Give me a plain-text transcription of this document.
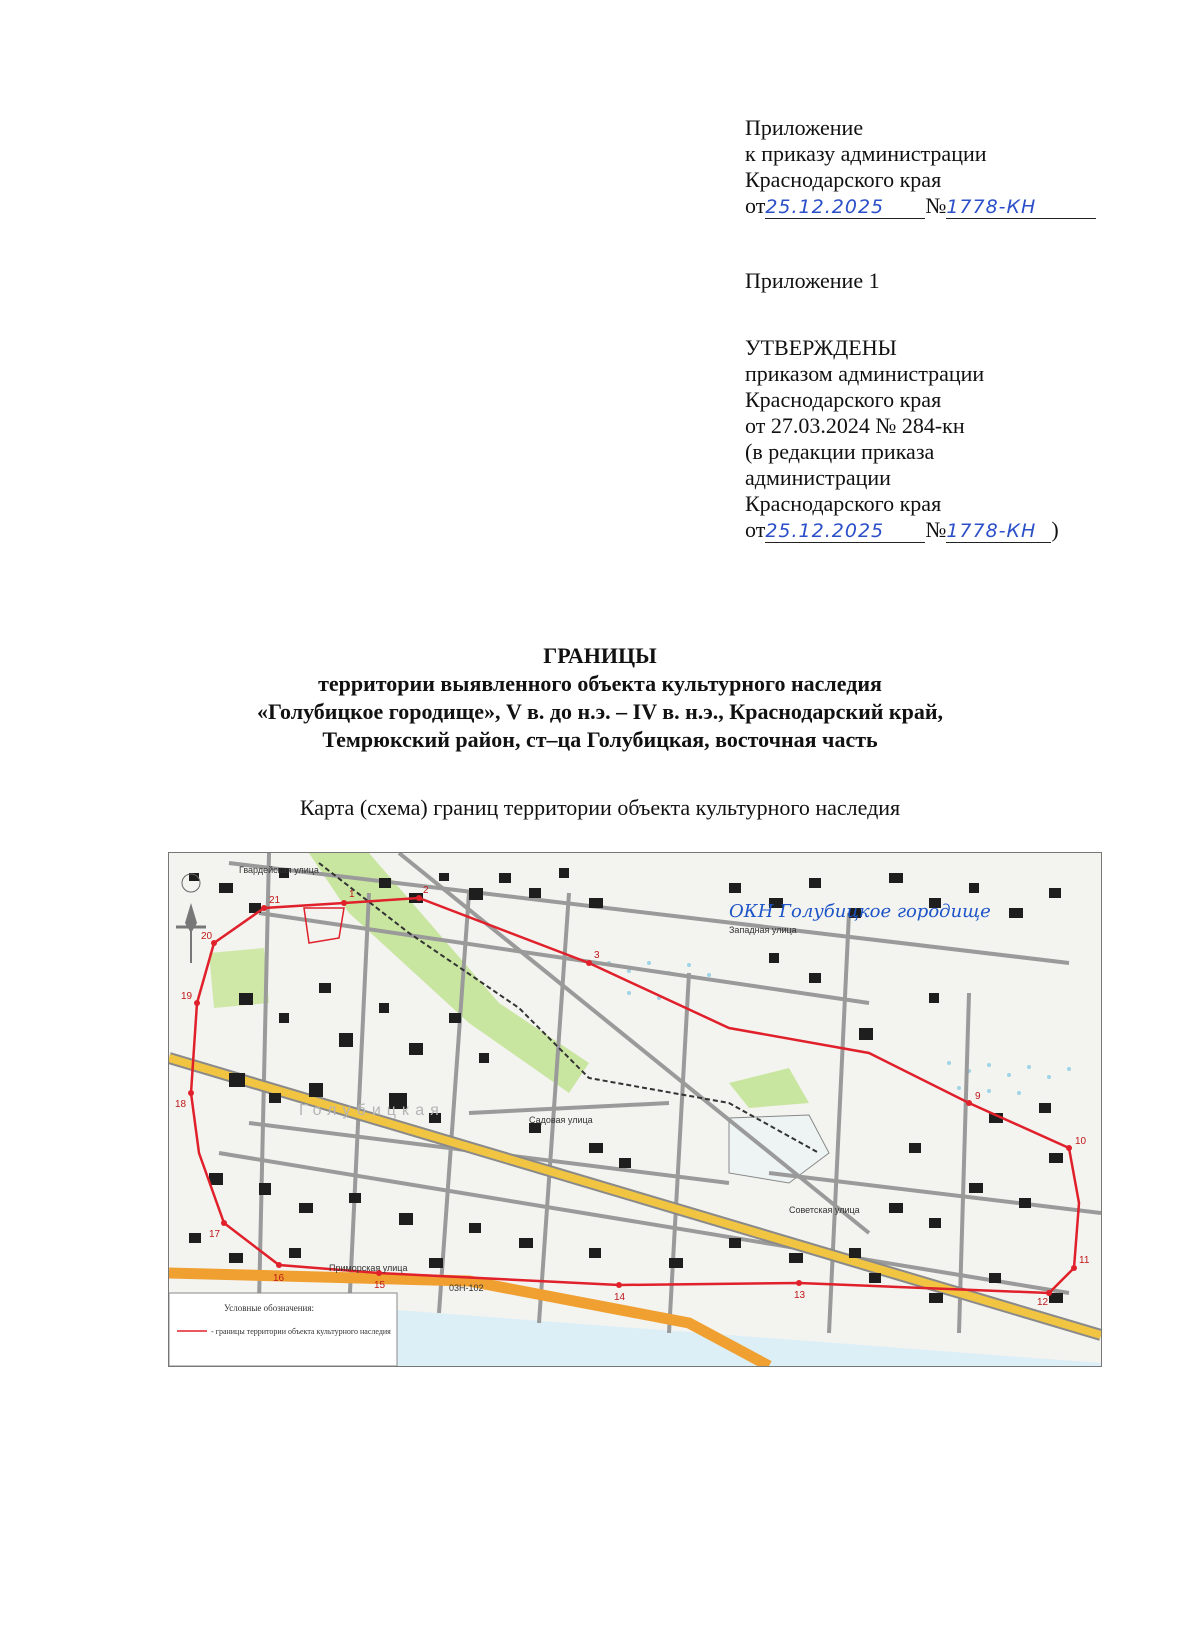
Приложение
к приказу администрации
Краснодарского края
от25.12.2025 №1778-КН
Приложение 1
УТВЕРЖДЕНЫ
приказом администрации
Краснодарского края
от 27.03.2024 № 284-кн
(в редакции приказа
администрации
Краснодарского края
от25.12.2025 №1778-КН )
ГРАНИЦЫ
территории выявленного объекта культурного наследия
«Голубицкое городище», V в. до н.э. – IV в. н.э., Краснодарский край,
Темрюкский район, ст–ца Голубицкая, восточная часть
Карта (схема) границ территории объекта культурного наследия
1	2
3
9
10
11
12
13
14
15
16
17
18
19
20
21
Гвардейская улица
Западная улица
Садовая улица
Советская улица
Приморская улица
03Н-102
Голубицкая
ОКН Голубицкое городище
Условные обозначения:
- границы территории объекта культурного наследия
